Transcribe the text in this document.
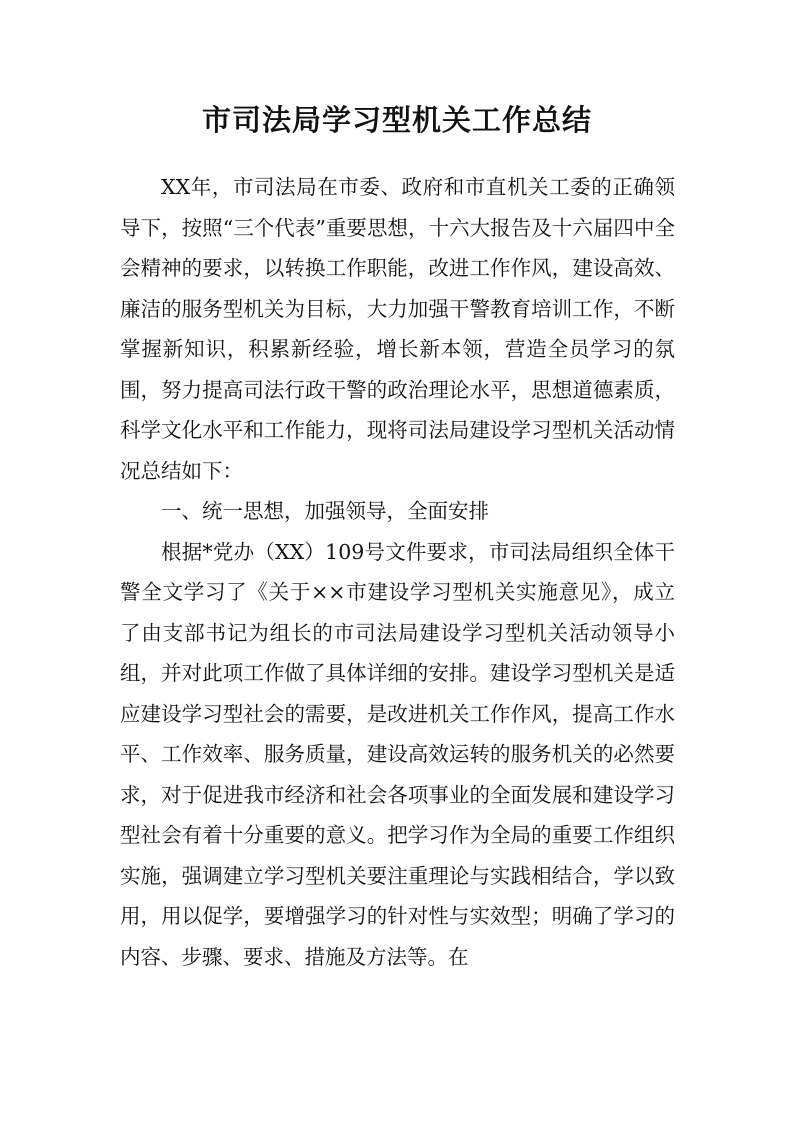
市司法局学习型机关工作总结

XX年，市司法局在市委、政府和市直机关工委的正确领导下，按照“三个代表”重要思想，十六大报告及十六届四中全会精神的要求，以转换工作职能，改进工作作风，建设高效、廉洁的服务型机关为目标，大力加强干警教育培训工作，不断掌握新知识，积累新经验，增长新本领，营造全员学习的氛围，努力提高司法行政干警的政治理论水平，思想道德素质，科学文化水平和工作能力，现将司法局建设学习型机关活动情况总结如下：

一、统一思想，加强领导，全面安排

根据*党办（XX）109号文件要求，市司法局组织全体干警全文学习了《关于××市建设学习型机关实施意见》，成立了由支部书记为组长的市司法局建设学习型机关活动领导小组，并对此项工作做了具体详细的安排。建设学习型机关是适应建设学习型社会的需要，是改进机关工作作风，提高工作水平、工作效率、服务质量，建设高效运转的服务机关的必然要求，对于促进我市经济和社会各项事业的全面发展和建设学习型社会有着十分重要的意义。把学习作为全局的重要工作组织实施，强调建立学习型机关要注重理论与实践相结合，学以致用，用以促学，要增强学习的针对性与实效型；明确了学习的内容、步骤、要求、措施及方法等。在
